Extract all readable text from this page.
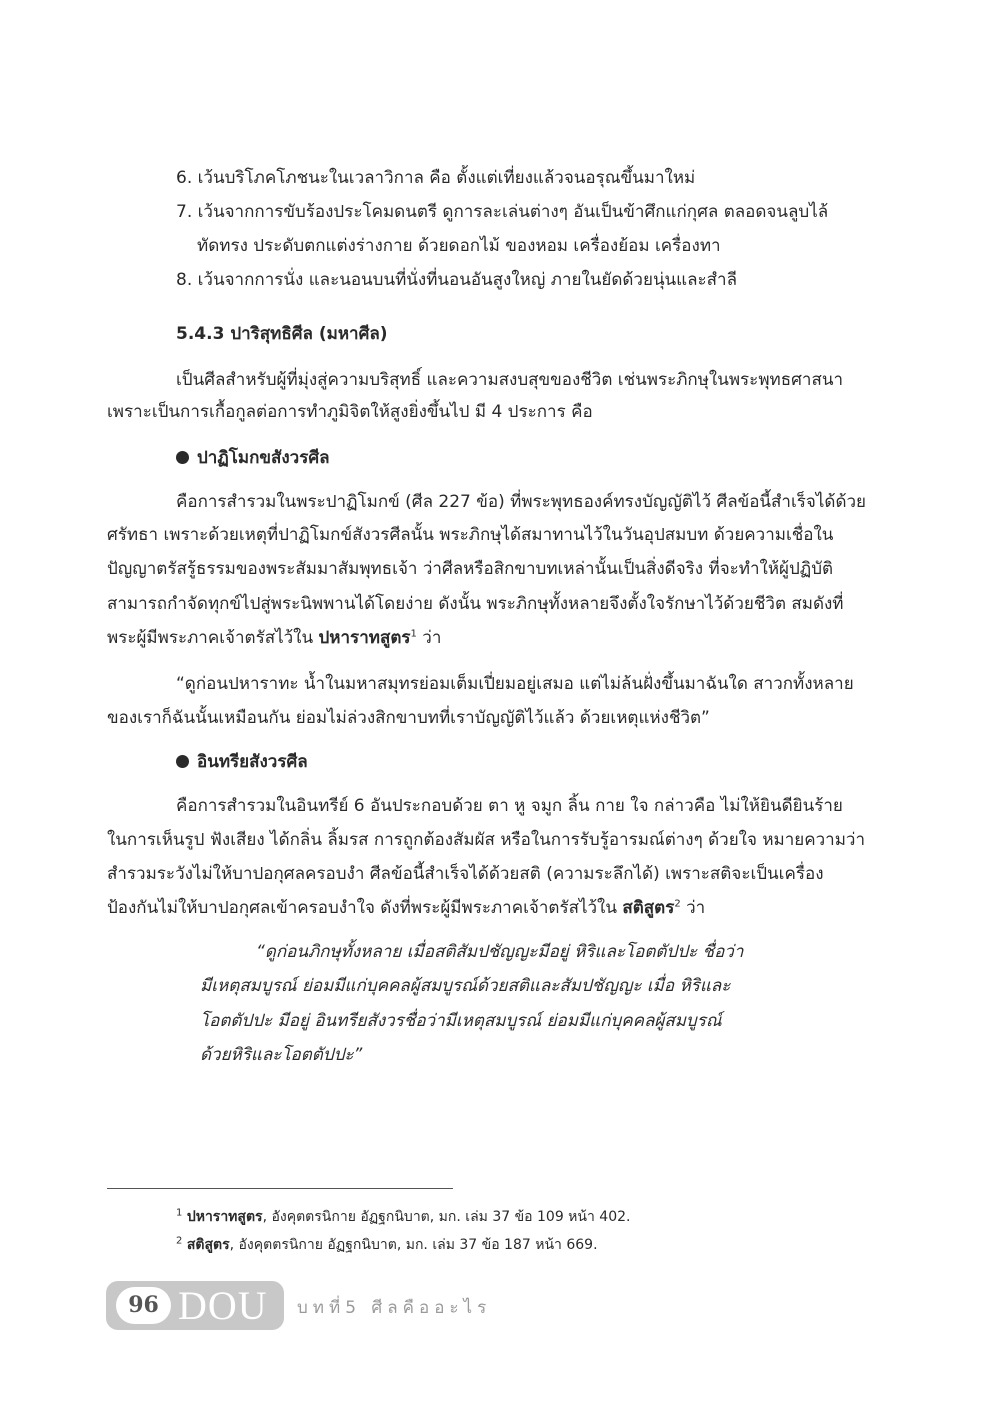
6. เว้นบริโภคโภชนะในเวลาวิกาล คือ ตั้งแต่เที่ยงแล้วจนอรุณขึ้นมาใหม่
7. เว้นจากการขับร้องประโคมดนตรี ดูการละเล่นต่างๆ อันเป็นข้าศึกแก่กุศล ตลอดจนลูบไล้
ทัดทรง ประดับตกแต่งร่างกาย ด้วยดอกไม้ ของหอม เครื่องย้อม เครื่องทา
8. เว้นจากการนั่ง และนอนบนที่นั่งที่นอนอันสูงใหญ่ ภายในยัดด้วยนุ่นและสำลี
5.4.3 ปาริสุทธิศีล (มหาศีล)
เป็นศีลสำหรับผู้ที่มุ่งสู่ความบริสุทธิ์ และความสงบสุขของชีวิต เช่นพระภิกษุในพระพุทธศาสนา
เพราะเป็นการเกื้อกูลต่อการทำภูมิจิตให้สูงยิ่งขึ้นไป มี 4 ประการ คือ
ปาฏิโมกขสังวรศีล
คือการสำรวมในพระปาฏิโมกข์ (ศีล 227 ข้อ) ที่พระพุทธองค์ทรงบัญญัติไว้ ศีลข้อนี้สำเร็จได้ด้วย
ศรัทธา เพราะด้วยเหตุที่ปาฏิโมกข์สังวรศีลนั้น พระภิกษุได้สมาทานไว้ในวันอุปสมบท ด้วยความเชื่อใน
ปัญญาตรัสรู้ธรรมของพระสัมมาสัมพุทธเจ้า ว่าศีลหรือสิกขาบทเหล่านั้นเป็นสิ่งดีจริง ที่จะทำให้ผู้ปฏิบัติ
สามารถกำจัดทุกข์ไปสู่พระนิพพานได้โดยง่าย ดังนั้น พระภิกษุทั้งหลายจึงตั้งใจรักษาไว้ด้วยชีวิต สมดังที่
พระผู้มีพระภาคเจ้าตรัสไว้ใน ปหาราทสูตร$^1$ ว่า
“ดูก่อนปหาราทะ น้ำในมหาสมุทรย่อมเต็มเปี่ยมอยู่เสมอ แต่ไม่ล้นฝั่งขึ้นมาฉันใด สาวกทั้งหลาย
ของเราก็ฉันนั้นเหมือนกัน ย่อมไม่ล่วงสิกขาบทที่เราบัญญัติไว้แล้ว ด้วยเหตุแห่งชีวิต”
อินทรียสังวรศีล
คือการสำรวมในอินทรีย์ 6 อันประกอบด้วย ตา หู จมูก ลิ้น กาย ใจ กล่าวคือ ไม่ให้ยินดียินร้าย
ในการเห็นรูป ฟังเสียง ได้กลิ่น ลิ้มรส การถูกต้องสัมผัส หรือในการรับรู้อารมณ์ต่างๆ ด้วยใจ หมายความว่า
สำรวมระวังไม่ให้บาปอกุศลครอบงำ ศีลข้อนี้สำเร็จได้ด้วยสติ (ความระลึกได้) เพราะสติจะเป็นเครื่อง
ป้องกันไม่ให้บาปอกุศลเข้าครอบงำใจ ดังที่พระผู้มีพระภาคเจ้าตรัสไว้ใน สติสูตร$^2$ ว่า
“ดูก่อนภิกษุทั้งหลาย เมื่อสติสัมปชัญญะมีอยู่ หิริและโอตตัปปะ ชื่อว่า
มีเหตุสมบูรณ์ ย่อมมีแก่บุคคลผู้สมบูรณ์ด้วยสติและสัมปชัญญะ เมื่อ หิริและ
โอตตัปปะ มีอยู่ อินทรียสังวรชื่อว่ามีเหตุสมบูรณ์ ย่อมมีแก่บุคคลผู้สมบูรณ์
ด้วยหิริและโอตตัปปะ”
$^1$ ปหาราทสูตร, อังคุตตรนิกาย อัฏฐกนิบาต, มก. เล่ม 37 ข้อ 109 หน้า 402.
$^2$ สติสูตร, อังคุตตรนิกาย อัฏฐกนิบาต, มก. เล่ม 37 ข้อ 187 หน้า 669.
96 DOU บทที่5 ศีลคืออะไร
